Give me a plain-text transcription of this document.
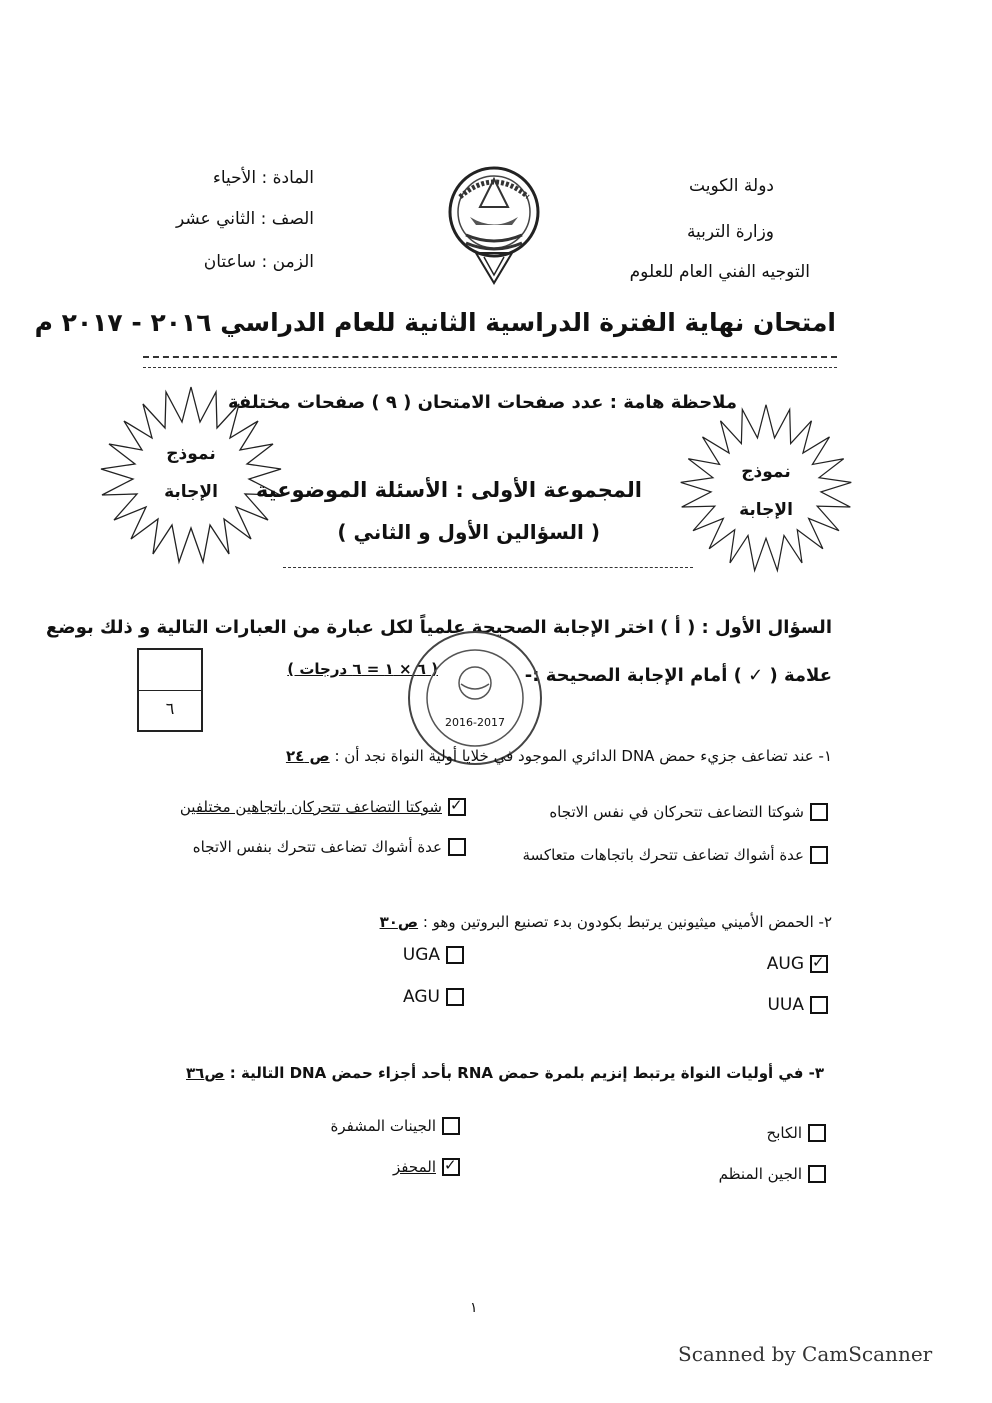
دولة الكويت
وزارة التربية
التوجيه الفني العام للعلوم
المادة : الأحياء
الصف : الثاني عشر
الزمن : ساعتان
امتحان نهاية الفترة الدراسية الثانية للعام الدراسي ٢٠١٦ - ٢٠١٧ م
ملاحظة هامة : عدد صفحات الامتحان ( ٩ ) صفحات مختلفة
نموذج
الإجابة
نموذج
الإجابة
المجموعة الأولى : الأسئلة الموضوعية
( السؤالين الأول و الثاني )
السؤال الأول : ( أ ) اختر الإجابة الصحيحة علمياً لكل عبارة من العبارات التالية و ذلك بوضع
علامة ( ✓ ) أمام الإجابة الصحيحة :-
( ٦ × ١ = ٦ درجات )
٦
2016-2017
١- عند تضاعف جزيء حمض DNA الدائري الموجود في خلايا أولية النواة نجد أن : ص ٢٤
شوكتا التضاعف تتحركان في نفس الاتجاه
✓
شوكتا التضاعف تتحركان باتجاهين مختلفين
عدة أشواك تضاعف تتحرك باتجاهات متعاكسة
عدة أشواك تضاعف تتحرك بنفس الاتجاه
٢- الحمض الأميني ميثيونين يرتبط بكودون بدء تصنيع البروتين وهو : ص٣٠
✓
AUG
UGA
UUA
AGU
٣- في أوليات النواة يرتبط إنزيم بلمرة حمض RNA بأحد أجزاء حمض DNA التالية : ص٣٦
الكابح
الجينات المشفرة
الجين المنظم
✓
المحفز
١
Scanned by CamScanner
